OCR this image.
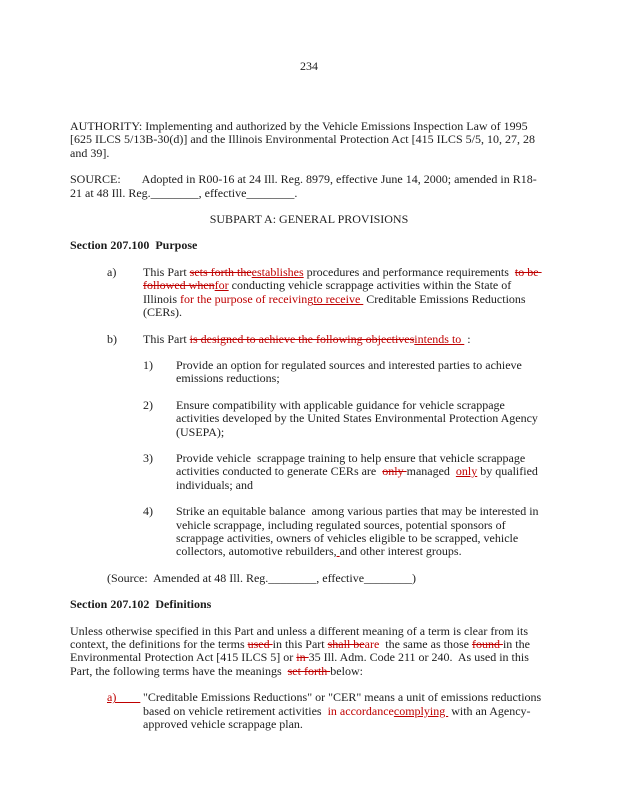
234

AUTHORITY: Implementing and authorized by the Vehicle Emissions Inspection Law of 1995 [625 ILCS 5/13B-30(d)] and the Illinois Environmental Protection Act [415 ILCS 5/5, 10, 27, 28 and 39].
SOURCE:       Adopted in R00-16 at 24 Ill. Reg. 8979, effective June 14, 2000; amended in R18-21 at 48 Ill. Reg.________, effective________.
SUBPART A: GENERAL PROVISIONS
Section 207.100  Purpose
a)	This Part sets forth theestablishes procedures and performance requirements  to be followed whenfor conducting vehicle scrappage activities within the State of Illinois for the purpose of receivingto receive  Creditable Emissions Reductions (CERs).
b)	This Part is designed to achieve the following objectivesintends to  :
1)	Provide an option for regulated sources and interested parties to achieve emissions reductions;
2)	Ensure compatibility with applicable guidance for vehicle scrappage activities developed by the United States Environmental Protection Agency (USEPA);
3)	Provide vehicle  scrappage training to help ensure that vehicle scrappage activities conducted to generate CERs are  only managed  only by qualified individuals; and
4)	Strike an equitable balance  among various parties that may be interested in vehicle scrappage, including regulated sources, potential sponsors of scrappage activities, owners of vehicles eligible to be scrapped, vehicle collectors, automotive rebuilders, and other interest groups.
(Source:  Amended at 48 Ill. Reg.________, effective________)
Section 207.102  Definitions
Unless otherwise specified in this Part and unless a different meaning of a term is clear from its context, the definitions for the terms used in this Part shall beare  the same as those found in the Environmental Protection Act [415 ILCS 5] or in 35 Ill. Adm. Code 211 or 240.  As used in this Part, the following terms have the meanings  set forth below:
a) "Creditable Emissions Reductions" or "CER" means a unit of emissions reductions based on vehicle retirement activities  in accordancecomplying  with an Agency-approved vehicle scrappage plan.
